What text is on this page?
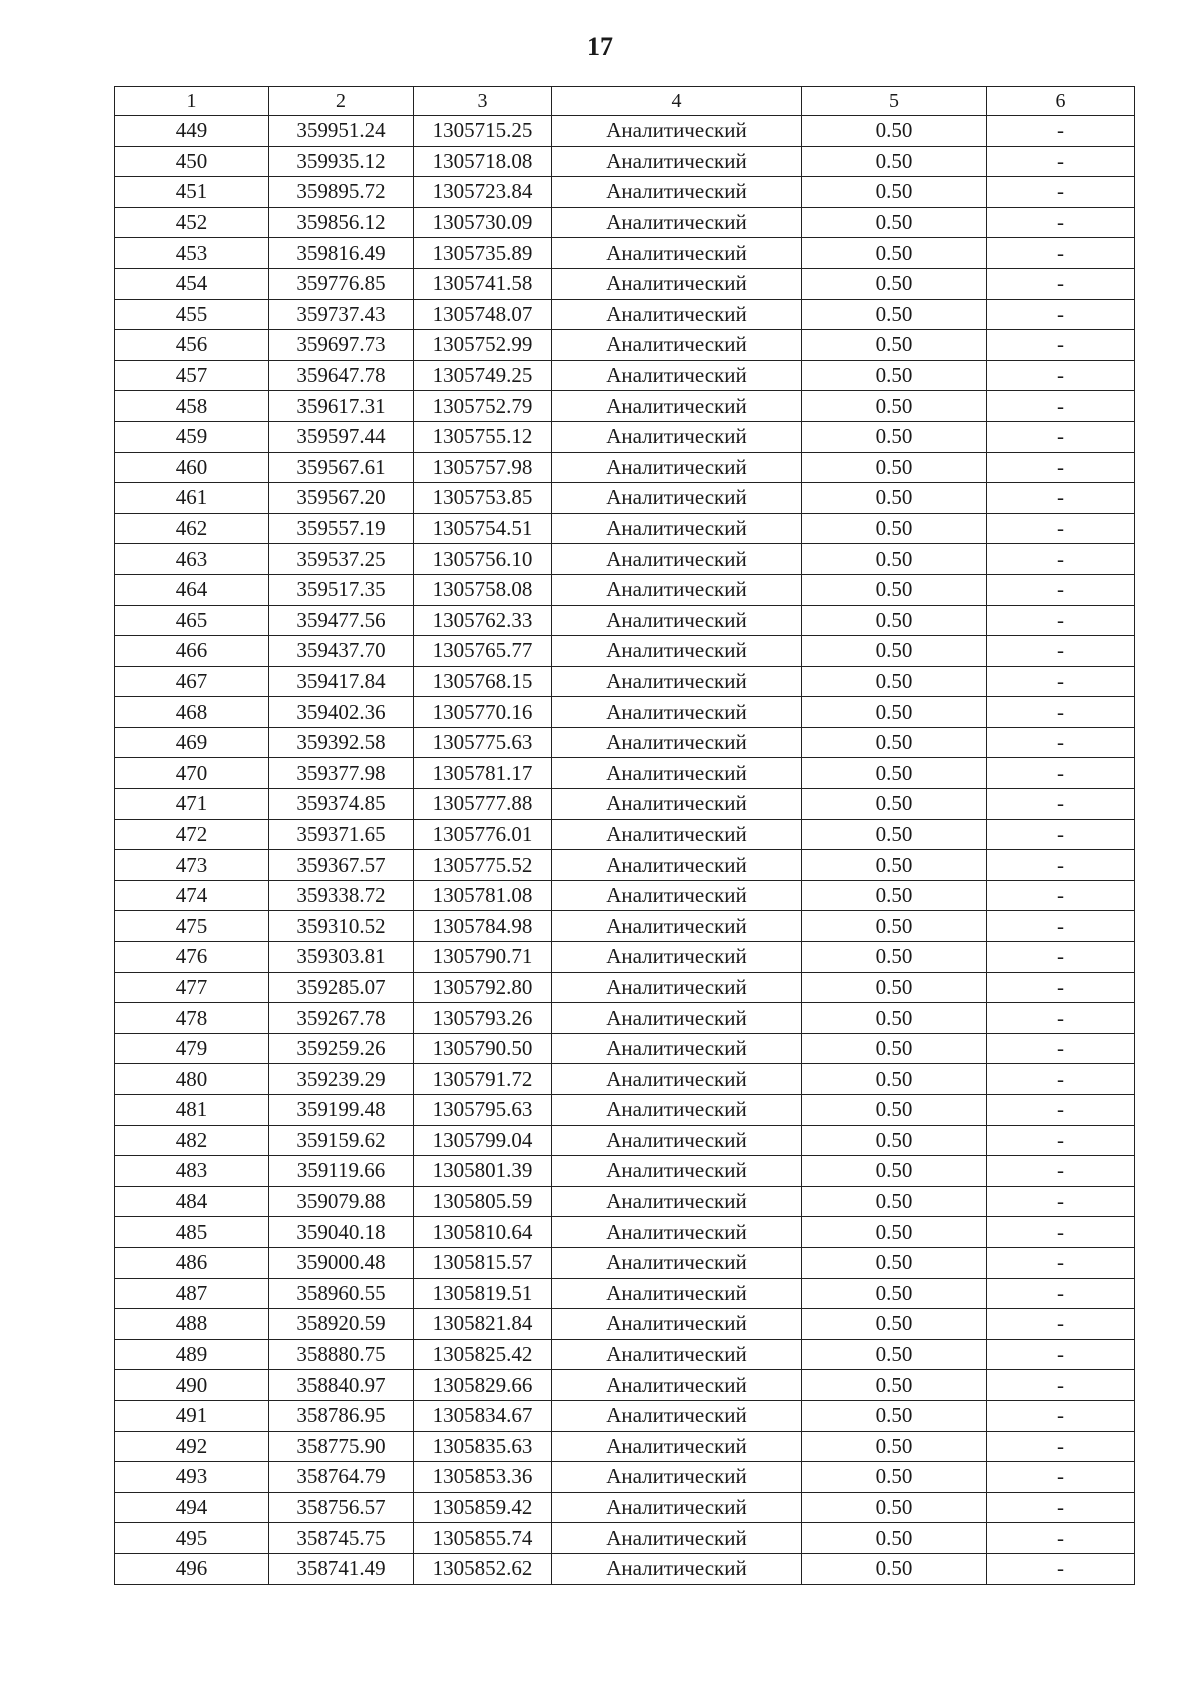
17
1	2	3	4	5	6
449	359951.24	1305715.25	Аналитический	0.50	-
450	359935.12	1305718.08	Аналитический	0.50	-
451	359895.72	1305723.84	Аналитический	0.50	-
452	359856.12	1305730.09	Аналитический	0.50	-
453	359816.49	1305735.89	Аналитический	0.50	-
454	359776.85	1305741.58	Аналитический	0.50	-
455	359737.43	1305748.07	Аналитический	0.50	-
456	359697.73	1305752.99	Аналитический	0.50	-
457	359647.78	1305749.25	Аналитический	0.50	-
458	359617.31	1305752.79	Аналитический	0.50	-
459	359597.44	1305755.12	Аналитический	0.50	-
460	359567.61	1305757.98	Аналитический	0.50	-
461	359567.20	1305753.85	Аналитический	0.50	-
462	359557.19	1305754.51	Аналитический	0.50	-
463	359537.25	1305756.10	Аналитический	0.50	-
464	359517.35	1305758.08	Аналитический	0.50	-
465	359477.56	1305762.33	Аналитический	0.50	-
466	359437.70	1305765.77	Аналитический	0.50	-
467	359417.84	1305768.15	Аналитический	0.50	-
468	359402.36	1305770.16	Аналитический	0.50	-
469	359392.58	1305775.63	Аналитический	0.50	-
470	359377.98	1305781.17	Аналитический	0.50	-
471	359374.85	1305777.88	Аналитический	0.50	-
472	359371.65	1305776.01	Аналитический	0.50	-
473	359367.57	1305775.52	Аналитический	0.50	-
474	359338.72	1305781.08	Аналитический	0.50	-
475	359310.52	1305784.98	Аналитический	0.50	-
476	359303.81	1305790.71	Аналитический	0.50	-
477	359285.07	1305792.80	Аналитический	0.50	-
478	359267.78	1305793.26	Аналитический	0.50	-
479	359259.26	1305790.50	Аналитический	0.50	-
480	359239.29	1305791.72	Аналитический	0.50	-
481	359199.48	1305795.63	Аналитический	0.50	-
482	359159.62	1305799.04	Аналитический	0.50	-
483	359119.66	1305801.39	Аналитический	0.50	-
484	359079.88	1305805.59	Аналитический	0.50	-
485	359040.18	1305810.64	Аналитический	0.50	-
486	359000.48	1305815.57	Аналитический	0.50	-
487	358960.55	1305819.51	Аналитический	0.50	-
488	358920.59	1305821.84	Аналитический	0.50	-
489	358880.75	1305825.42	Аналитический	0.50	-
490	358840.97	1305829.66	Аналитический	0.50	-
491	358786.95	1305834.67	Аналитический	0.50	-
492	358775.90	1305835.63	Аналитический	0.50	-
493	358764.79	1305853.36	Аналитический	0.50	-
494	358756.57	1305859.42	Аналитический	0.50	-
495	358745.75	1305855.74	Аналитический	0.50	-
496	358741.49	1305852.62	Аналитический	0.50	-
